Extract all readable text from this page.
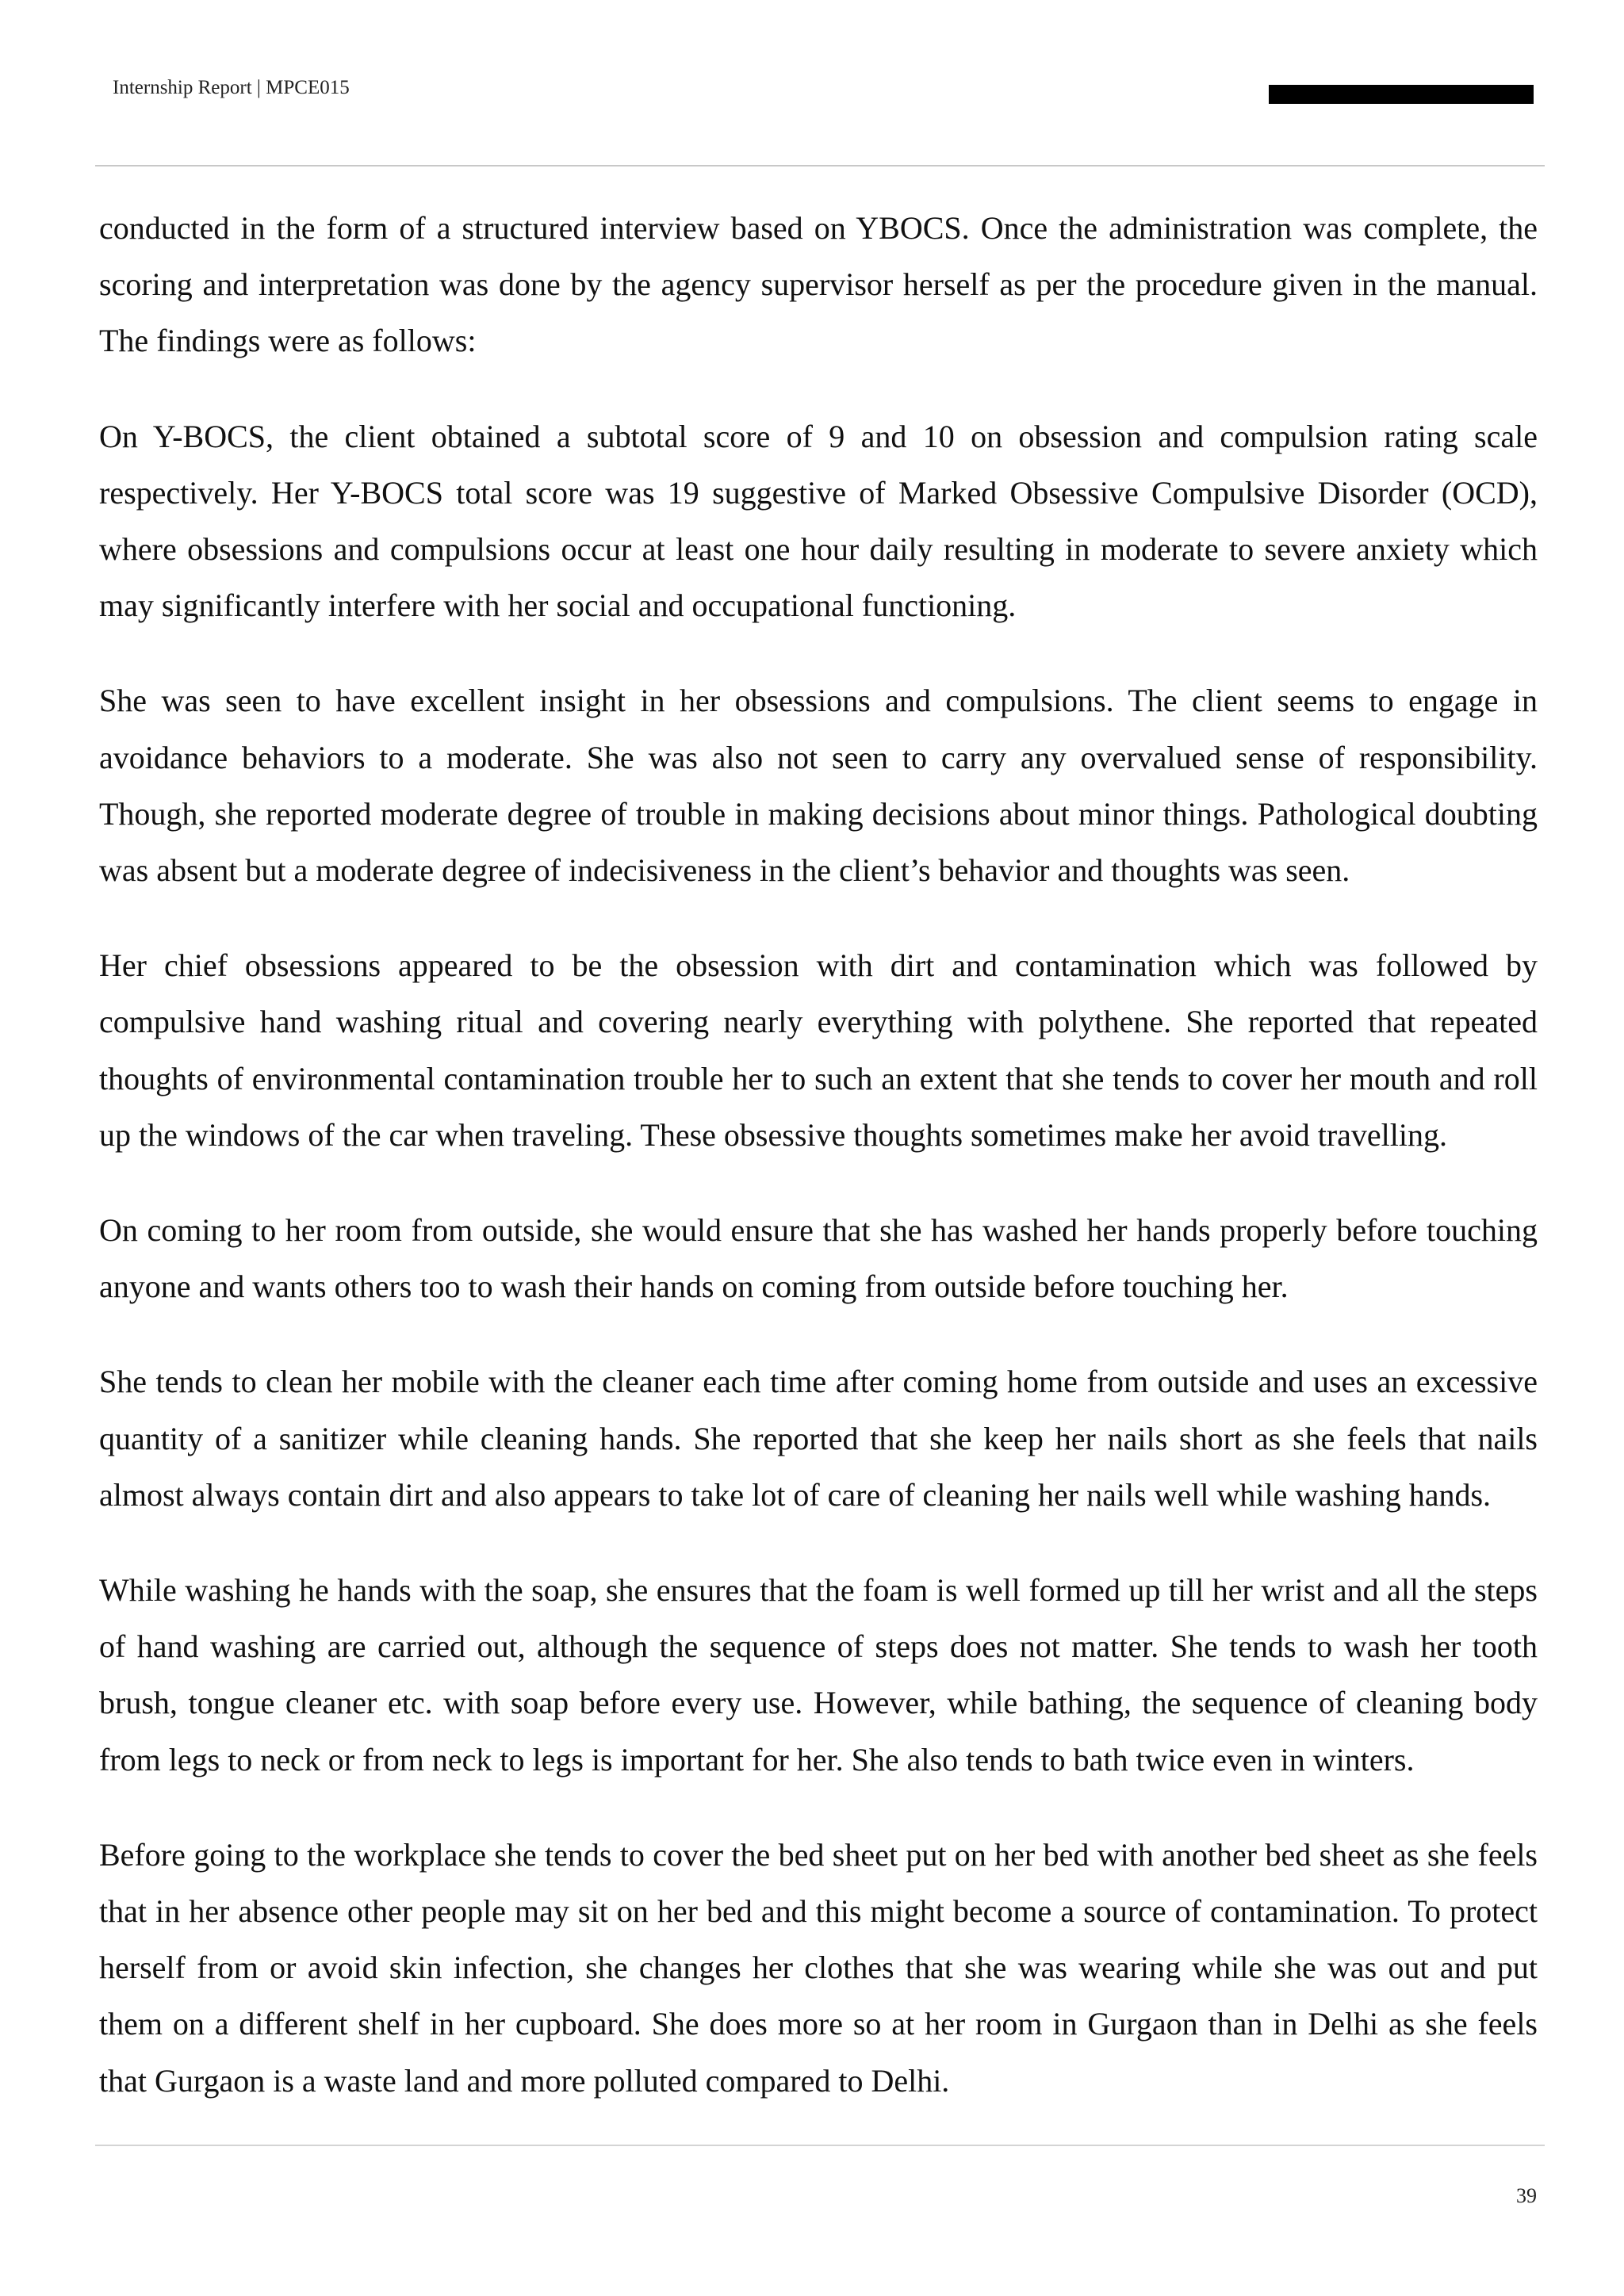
Internship Report | MPCE015

conducted in the form of a structured interview based on YBOCS. Once the administration was complete, the scoring and interpretation was done by the agency supervisor herself as per the procedure given in the manual. The findings were as follows:

On Y-BOCS, the client obtained a subtotal score of 9 and 10 on obsession and compulsion rating scale respectively. Her Y-BOCS total score was 19 suggestive of Marked Obsessive Compulsive Disorder (OCD), where obsessions and compulsions occur at least one hour daily resulting in moderate to severe anxiety which may significantly interfere with her social and occupational functioning.

She was seen to have excellent insight in her obsessions and compulsions. The client seems to engage in avoidance behaviors to a moderate. She was also not seen to carry any overvalued sense of responsibility. Though, she reported moderate degree of trouble in making decisions about minor things. Pathological doubting was absent but a moderate degree of indecisiveness in the client’s behavior and thoughts was seen.

Her chief obsessions appeared to be the obsession with dirt and contamination which was followed by compulsive hand washing ritual and covering nearly everything with polythene. She reported that repeated thoughts of environmental contamination trouble her to such an extent that she tends to cover her mouth and roll up the windows of the car when traveling. These obsessive thoughts sometimes make her avoid travelling.

On coming to her room from outside, she would ensure that she has washed her hands properly before touching anyone and wants others too to wash their hands on coming from outside before touching her.

She tends to clean her mobile with the cleaner each time after coming home from outside and uses an excessive quantity of a sanitizer while cleaning hands. She reported that she keep her nails short as she feels that nails almost always contain dirt and also appears to take lot of care of cleaning her nails well while washing hands.

While washing he hands with the soap, she ensures that the foam is well formed up till her wrist and all the steps of hand washing are carried out, although the sequence of steps does not matter. She tends to wash her tooth brush, tongue cleaner etc. with soap before every use. However, while bathing, the sequence of cleaning body from legs to neck or from neck to legs is important for her. She also tends to bath twice even in winters.

Before going to the workplace she tends to cover the bed sheet put on her bed with another bed sheet as she feels that in her absence other people may sit on her bed and this might become a source of contamination. To protect herself from or avoid skin infection, she changes her clothes that she was wearing while she was out and put them on a different shelf in her cupboard. She does more so at her room in Gurgaon than in Delhi as she feels that Gurgaon is a waste land and more polluted compared to Delhi.

39
